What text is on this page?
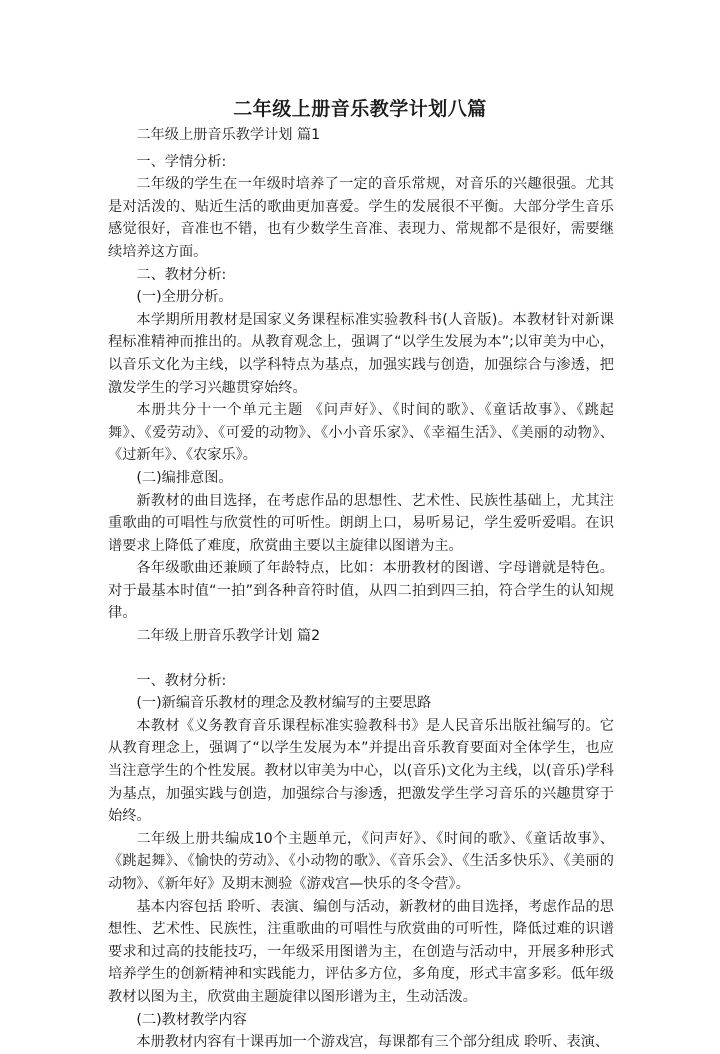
二年级上册音乐教学计划八篇

二年级上册音乐教学计划 篇1

一、学情分析:

二年级的学生在一年级时培养了一定的音乐常规，对音乐的兴趣很强。尤其是对活泼的、贴近生活的歌曲更加喜爱。学生的发展很不平衡。大部分学生音乐感觉很好，音准也不错，也有少数学生音准、表现力、常规都不是很好，需要继续培养这方面。

二、教材分析:

(一)全册分析。

本学期所用教材是国家义务课程标准实验教科书(人音版)。本教材针对新课程标准精神而推出的。从教育观念上，强调了“以学生发展为本”;以审美为中心，以音乐文化为主线，以学科特点为基点，加强实践与创造，加强综合与渗透，把激发学生的学习兴趣贯穿始终。

本册共分十一个单元主题 《问声好》、《时间的歌》、《童话故事》、《跳起舞》、《爱劳动》、《可爱的动物》、《小小音乐家》、《幸福生活》、《美丽的动物》、《过新年》、《农家乐》。

(二)编排意图。

新教材的曲目选择，在考虑作品的思想性、艺术性、民族性基础上，尤其注重歌曲的可唱性与欣赏性的可听性。朗朗上口，易听易记，学生爱听爱唱。在识谱要求上降低了难度，欣赏曲主要以主旋律以图谱为主。

各年级歌曲还兼顾了年龄特点，比如：本册教材的图谱、字母谱就是特色。对于最基本时值“一拍”到各种音符时值，从四二拍到四三拍，符合学生的认知规律。

二年级上册音乐教学计划 篇2

一、教材分析:

(一)新编音乐教材的理念及教材编写的主要思路

本教材《义务教育音乐课程标准实验教科书》是人民音乐出版社编写的。它从教育理念上，强调了“以学生发展为本”并提出音乐教育要面对全体学生，也应当注意学生的个性发展。教材以审美为中心，以(音乐)文化为主线，以(音乐)学科为基点，加强实践与创造，加强综合与渗透，把激发学生学习音乐的兴趣贯穿于始终。

二年级上册共编成10个主题单元，《问声好》、《时间的歌》、《童话故事》、《跳起舞》、《愉快的劳动》、《小动物的歌》、《音乐会》、《生活多快乐》、《美丽的动物》、《新年好》及期末测验《游戏宫—快乐的冬令营》。

基本内容包括 聆听、表演、编创与活动，新教材的曲目选择，考虑作品的思想性、艺术性、民族性，注重歌曲的可唱性与欣赏曲的可听性，降低过难的识谱要求和过高的技能技巧，一年级采用图谱为主，在创造与活动中，开展多种形式培养学生的创新精神和实践能力，评估多方位，多角度，形式丰富多彩。低年级教材以图为主，欣赏曲主题旋律以图形谱为主，生动活泼。

(二)教材教学内容

本册教材内容有十课再加一个游戏宫，每课都有三个部分组成 聆听、表演、
